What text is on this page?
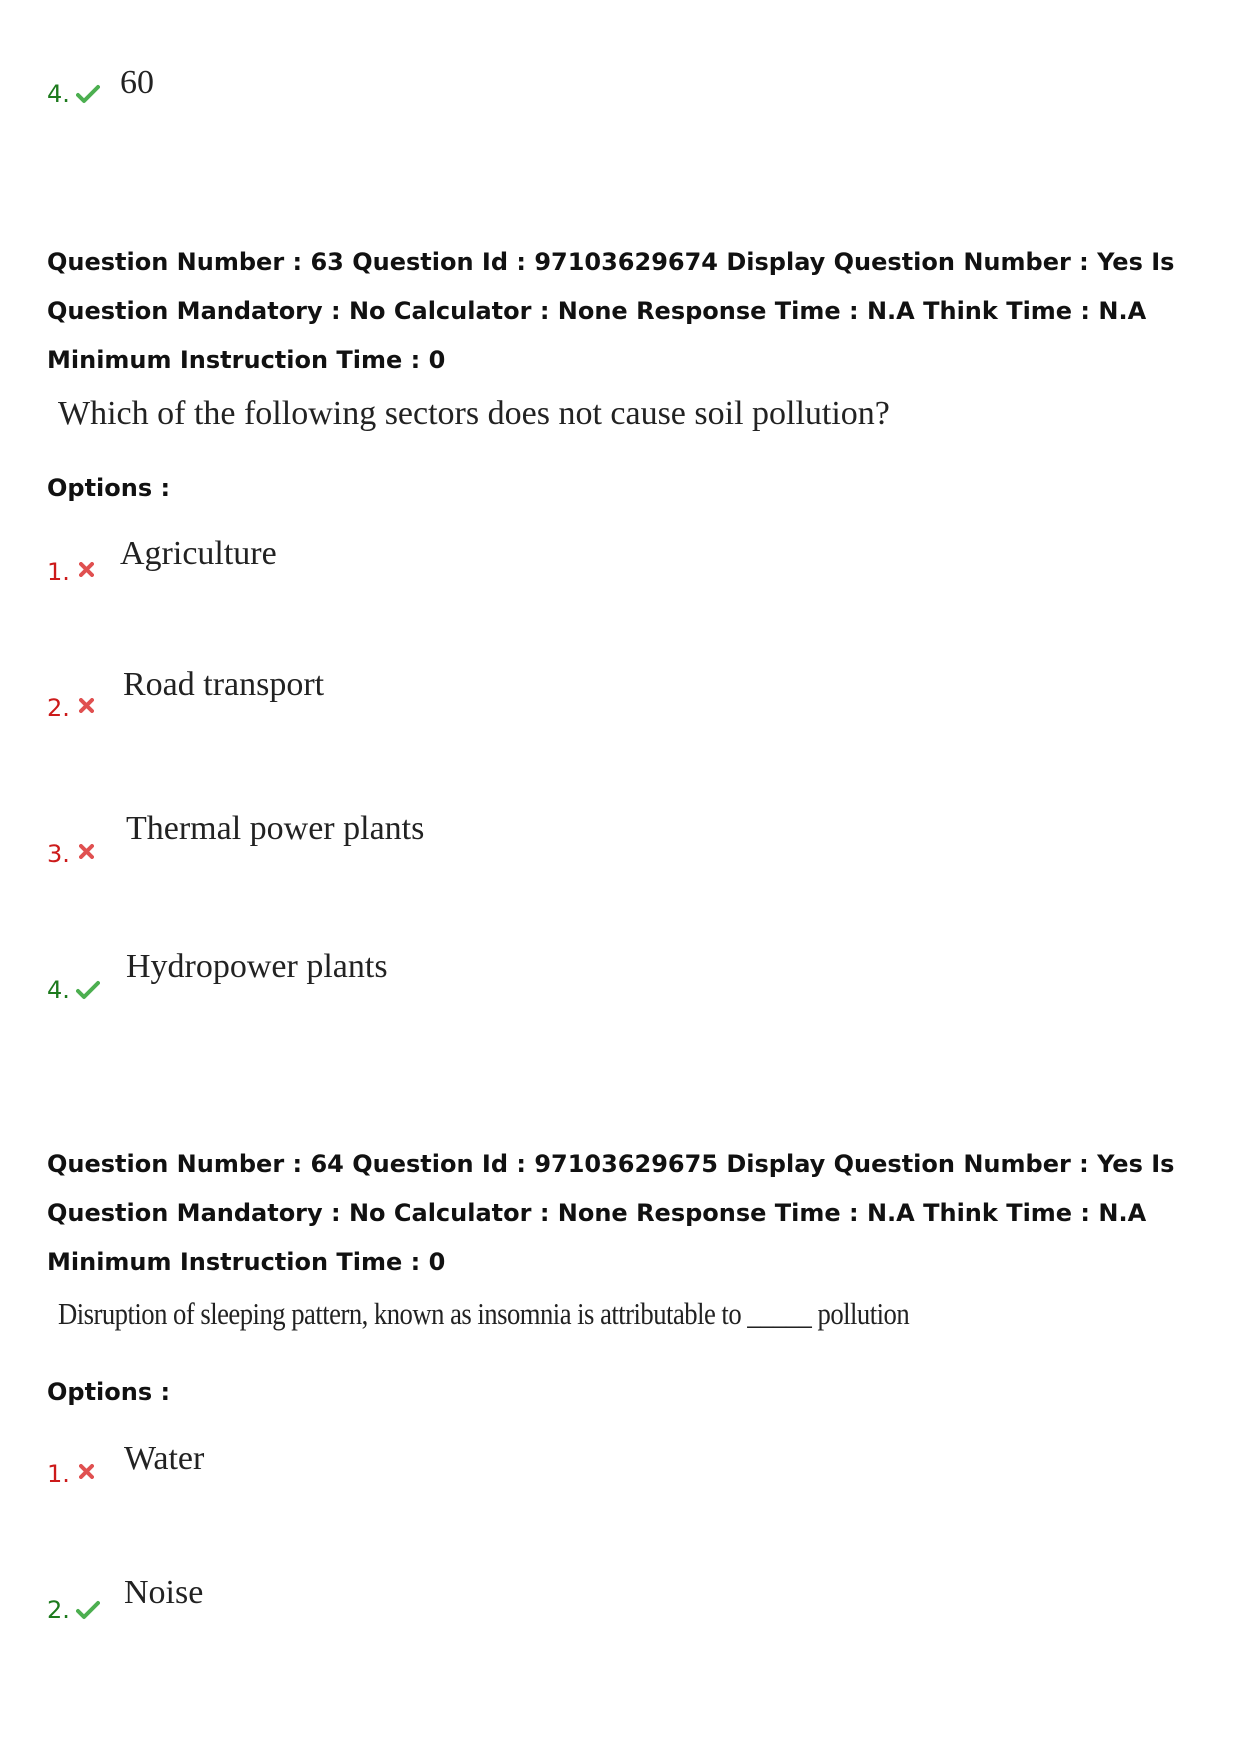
4. 60
Question Number : 63 Question Id : 97103629674 Display Question Number : Yes Is Question Mandatory : No Calculator : None Response Time : N.A Think Time : N.A Minimum Instruction Time : 0
Which of the following sectors does not cause soil pollution?
Options :
1. Agriculture
2.
Road transport
3.
Thermal power plants
4.
Hydropower plants
Question Number : 64 Question Id : 97103629675 Display Question Number : Yes Is Question Mandatory : No Calculator : None Response Time : N.A Think Time : N.A Minimum Instruction Time : 0
Disruption of sleeping pattern, known as insomnia is attributable to _____ pollution
Options :
1. Water
2. Noise
